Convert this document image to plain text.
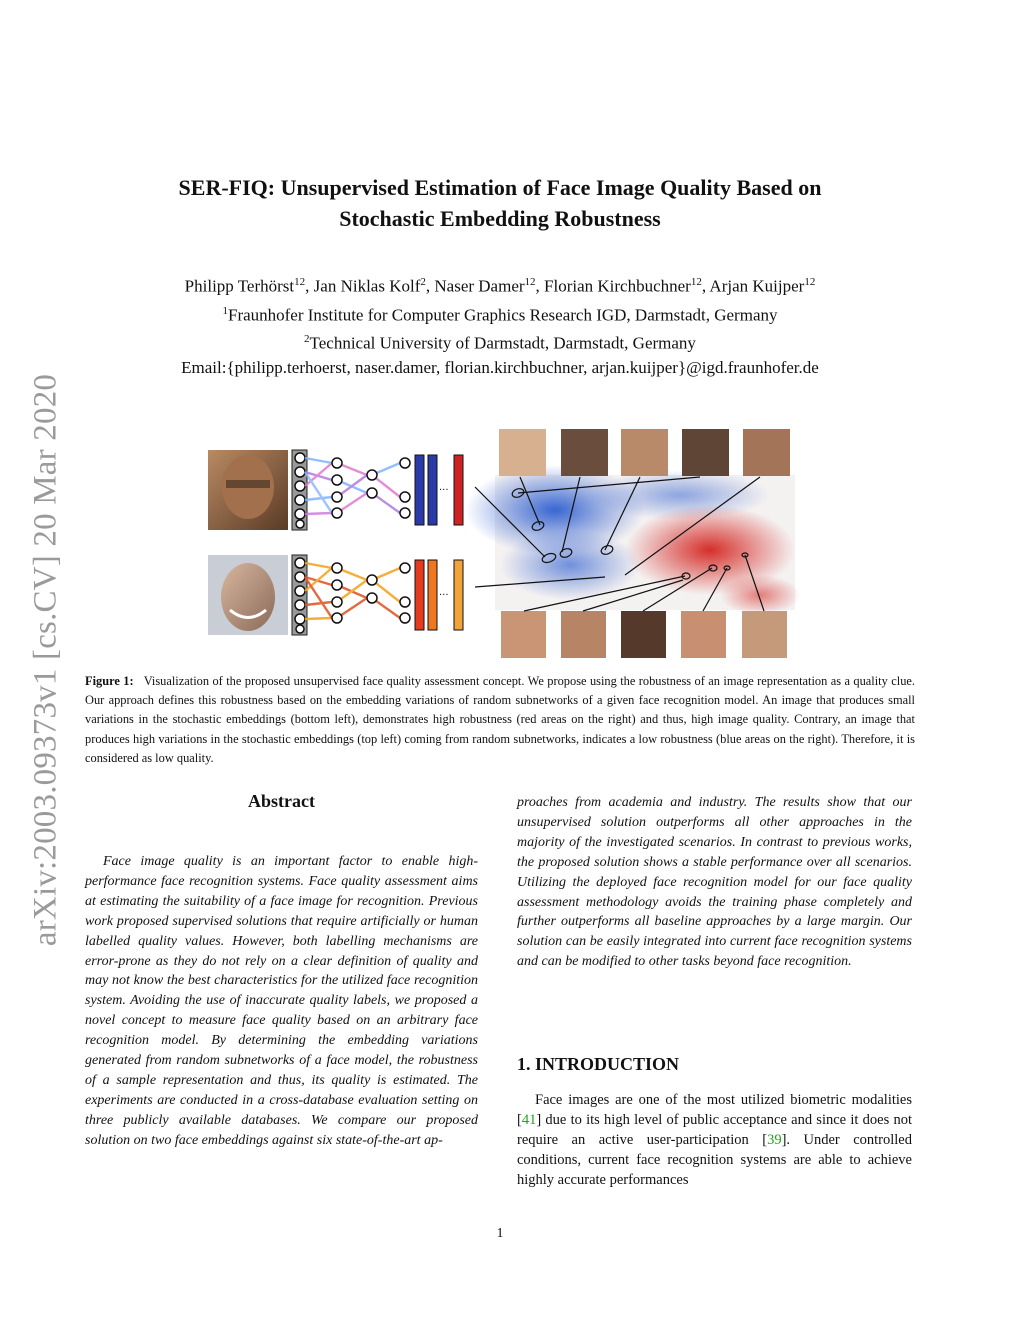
arXiv:2003.09373v1 [cs.CV] 20 Mar 2020
SER-FIQ: Unsupervised Estimation of Face Image Quality Based on
Stochastic Embedding Robustness
Philipp Terhörst$^{12}$, Jan Niklas Kolf$^2$, Naser Damer$^{12}$, Florian Kirchbuchner$^{12}$, Arjan Kuijper$^{12}$
$^1$Fraunhofer Institute for Computer Graphics Research IGD, Darmstadt, Germany
$^2$Technical University of Darmstadt, Darmstadt, Germany
Email:{philipp.terhoerst, naser.damer, florian.kirchbuchner, arjan.kuijper}@igd.fraunhofer.de
···
···
Figure 1: Visualization of the proposed unsupervised face quality assessment concept. We propose using the robustness of an image representation as a quality clue. Our approach defines this robustness based on the embedding variations of random subnetworks of a given face recognition model. An image that produces small variations in the stochastic embeddings (bottom left), demonstrates high robustness (red areas on the right) and thus, high image quality. Contrary, an image that produces high variations in the stochastic embeddings (top left) coming from random subnetworks, indicates a low robustness (blue areas on the right). Therefore, it is considered as low quality.
Abstract
Face image quality is an important factor to enable high-performance face recognition systems. Face quality assessment aims at estimating the suitability of a face image for recognition. Previous work proposed supervised solutions that require artificially or human labelled quality values. However, both labelling mechanisms are error-prone as they do not rely on a clear definition of quality and may not know the best characteristics for the utilized face recognition system. Avoiding the use of inaccurate quality labels, we proposed a novel concept to measure face quality based on an arbitrary face recognition model. By determining the embedding variations generated from random subnetworks of a face model, the robustness of a sample representation and thus, its quality is estimated. The experiments are conducted in a cross-database evaluation setting on three publicly available databases. We compare our proposed solution on two face embeddings against six state-of-the-art ap-
proaches from academia and industry. The results show that our unsupervised solution outperforms all other approaches in the majority of the investigated scenarios. In contrast to previous works, the proposed solution shows a stable performance over all scenarios. Utilizing the deployed face recognition model for our face quality assessment methodology avoids the training phase completely and further outperforms all baseline approaches by a large margin. Our solution can be easily integrated into current face recognition systems and can be modified to other tasks beyond face recognition.
1. INTRODUCTION
Face images are one of the most utilized biometric modalities [41] due to its high level of public acceptance and since it does not require an active user-participation [39]. Under controlled conditions, current face recognition systems are able to achieve highly accurate performances
1
